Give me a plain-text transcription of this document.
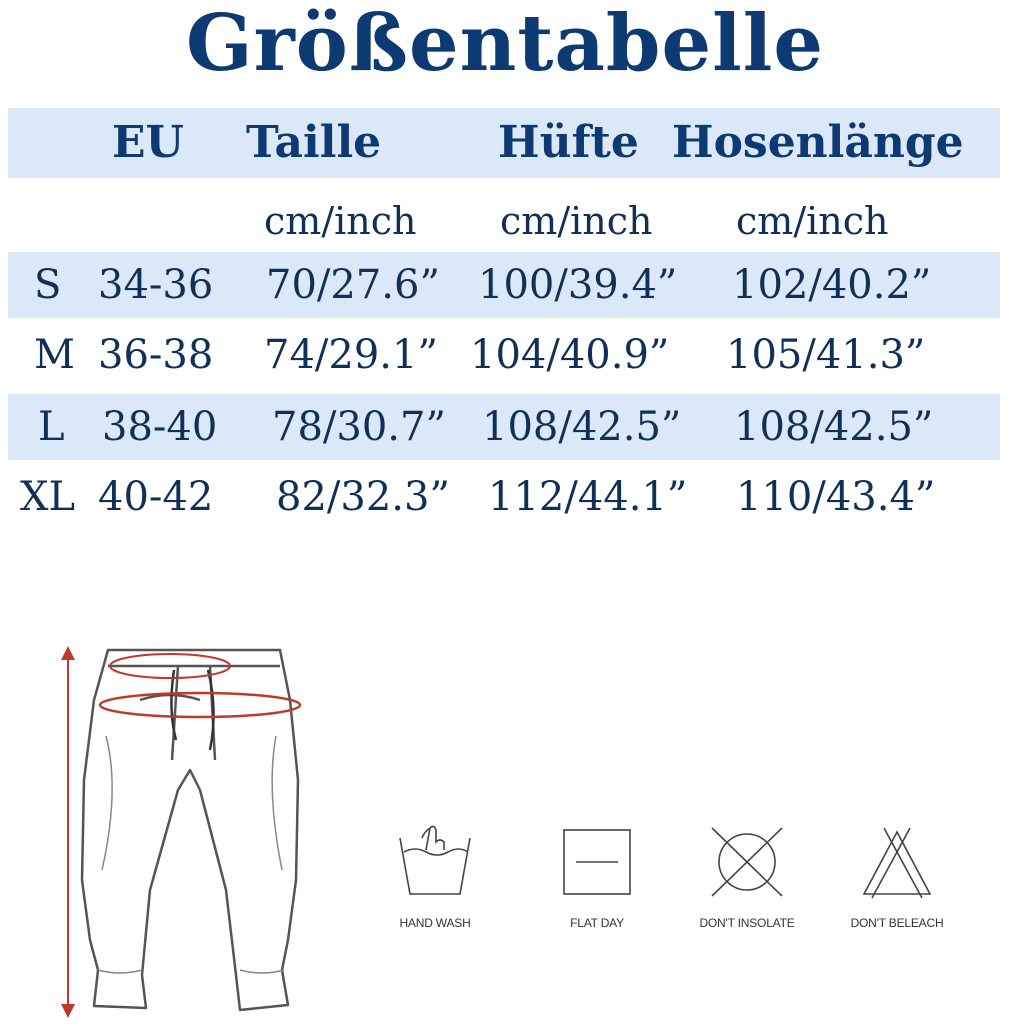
Größentabelle
EU Taille	Hüfte Hosenlänge
cm/inch cm/inch cm/inch
S 34-36 70/27.6” 100/39.4” 102/40.2”
M 36-38 74/29.1” 104/40.9” 105/41.3”
L 38-40 78/30.7” 108/42.5” 108/42.5”
XL 40-42 82/32.3” 112/44.1” 110/43.4”
HAND WASH	FLAT DAY	DON'T INSOLATE	DON'T BELEACH
